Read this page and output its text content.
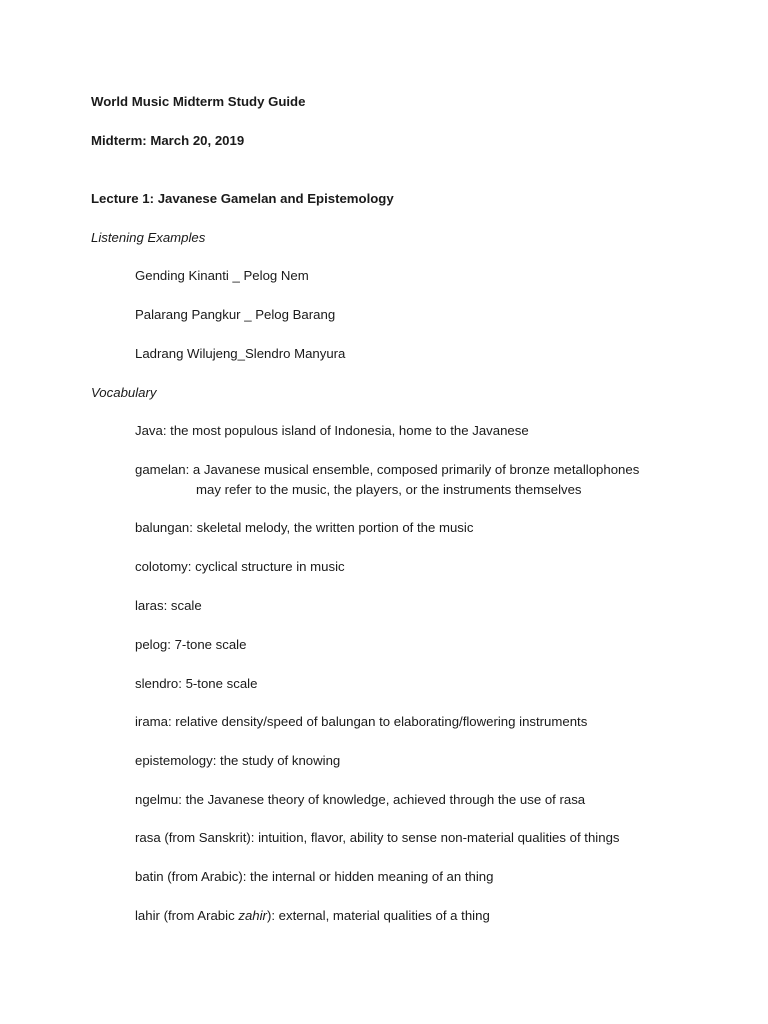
World Music Midterm Study Guide
Midterm: March 20, 2019
Lecture 1: Javanese Gamelan and Epistemology
Listening Examples
Gending Kinanti _ Pelog Nem
Palarang Pangkur _ Pelog Barang
Ladrang Wilujeng_Slendro Manyura
Vocabulary
Java: the most populous island of Indonesia, home to the Javanese
gamelan: a Javanese musical ensemble, composed primarily of bronze metallophones
may refer to the music, the players, or the instruments themselves
balungan: skeletal melody, the written portion of the music
colotomy: cyclical structure in music
laras: scale
pelog: 7-tone scale
slendro: 5-tone scale
irama: relative density/speed of balungan to elaborating/flowering instruments
epistemology: the study of knowing
ngelmu: the Javanese theory of knowledge, achieved through the use of rasa
rasa (from Sanskrit): intuition, flavor, ability to sense non-material qualities of things
batin (from Arabic): the internal or hidden meaning of an thing
lahir (from Arabic zahir): external, material qualities of a thing
